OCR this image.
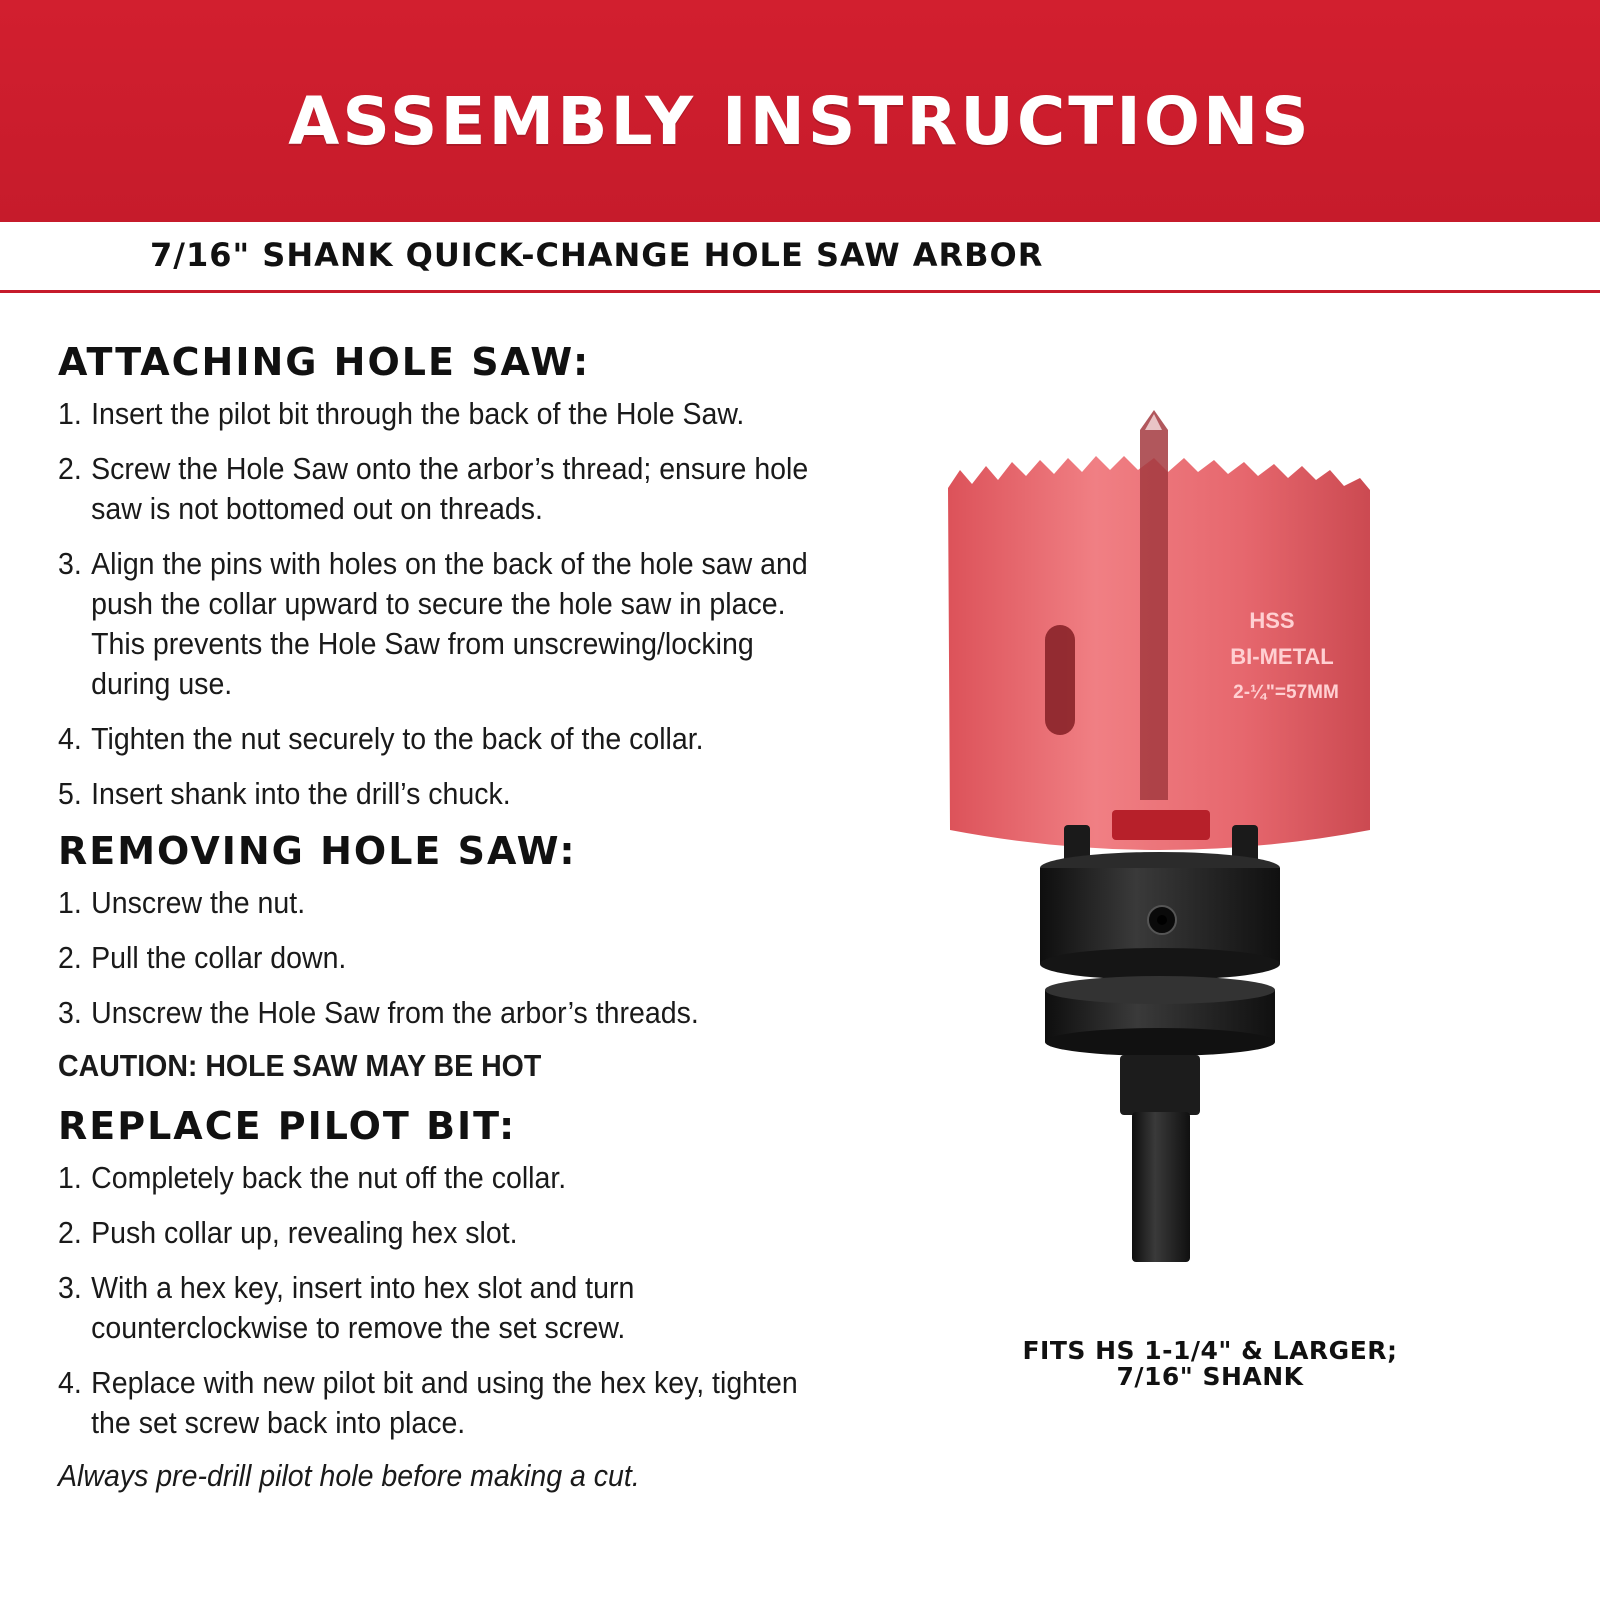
ASSEMBLY INSTRUCTIONS
7/16" SHANK QUICK-CHANGE HOLE SAW ARBOR
ATTACHING HOLE SAW:
1. Insert the pilot bit through the back of the Hole Saw.
2. Screw the Hole Saw onto the arbor’s thread; ensure hole saw is not bottomed out on threads.
3. Align the pins with holes on the back of the hole saw and push the collar upward to secure the hole saw in place. This prevents the Hole Saw from unscrewing/locking during use.
4. Tighten the nut securely to the back of the collar.
5. Insert shank into the drill’s chuck.
REMOVING HOLE SAW:
1. Unscrew the nut.
2. Pull the collar down.
3. Unscrew the Hole Saw from the arbor’s threads.
CAUTION: HOLE SAW MAY BE HOT
REPLACE PILOT BIT:
1. Completely back the nut off the collar.
2. Push collar up, revealing hex slot.
3. With a hex key, insert into hex slot and turn counterclockwise to remove the set screw.
4. Replace with new pilot bit and using the hex key, tighten the set screw back into place.
Always pre-drill pilot hole before making a cut.
HSS
BI-METAL
2-¼"=57MM
FITS HS 1-1/4" & LARGER;
7/16" SHANK
